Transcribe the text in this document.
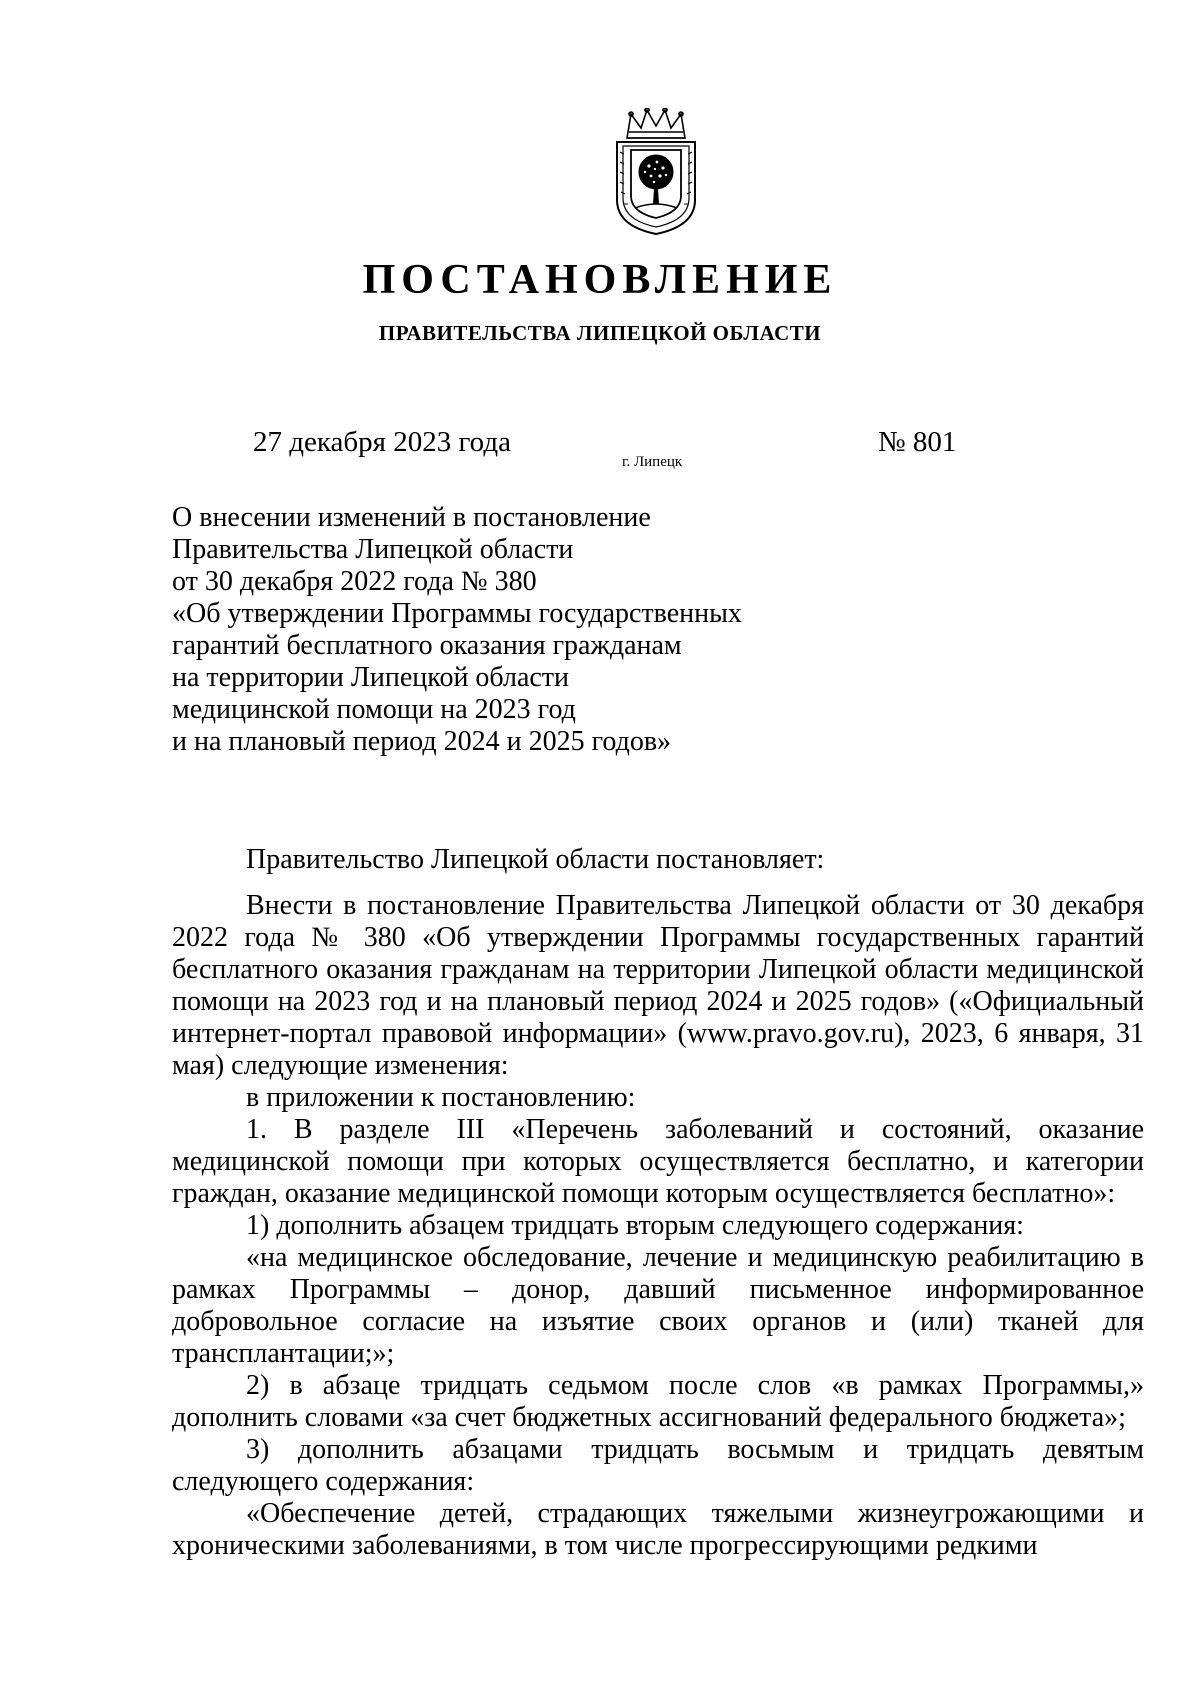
ПОСТАНОВЛЕНИЕ
ПРАВИТЕЛЬСТВА ЛИПЕЦКОЙ ОБЛАСТИ
27 декабря 2023 года
г. Липецк
№ 801
О внесении изменений в постановление
Правительства Липецкой области
от 30 декабря 2022 года № 380
«Об утверждении Программы государственных
гарантий бесплатного оказания гражданам
на территории Липецкой области
медицинской помощи на 2023 год
и на плановый период 2024 и 2025 годов»

Правительство Липецкой области постановляет:

Внести в постановление Правительства Липецкой области от 30 декабря 2022 года № 380 «Об утверждении Программы государственных гарантий бесплатного оказания гражданам на территории Липецкой области медицинской помощи на 2023 год и на плановый период 2024 и 2025 годов» («Официальный интернет-портал правовой информации» (www.pravo.gov.ru), 2023, 6 января, 31 мая) следующие изменения:

в приложении к постановлению:

1. В разделе III «Перечень заболеваний и состояний, оказание медицинской помощи при которых осуществляется бесплатно, и категории граждан, оказание медицинской помощи которым осуществляется бесплатно»:

1) дополнить абзацем тридцать вторым следующего содержания:

«на медицинское обследование, лечение и медицинскую реабилитацию в рамках Программы – донор, давший письменное информированное добровольное согласие на изъятие своих органов и (или) тканей для трансплантации;»;

2) в абзаце тридцать седьмом после слов «в рамках Программы,» дополнить словами «за счет бюджетных ассигнований федерального бюджета»;

3) дополнить абзацами тридцать восьмым и тридцать девятым следующего содержания:

«Обеспечение детей, страдающих тяжелыми жизнеугрожающими и хроническими заболеваниями, в том числе прогрессирующими редкими
